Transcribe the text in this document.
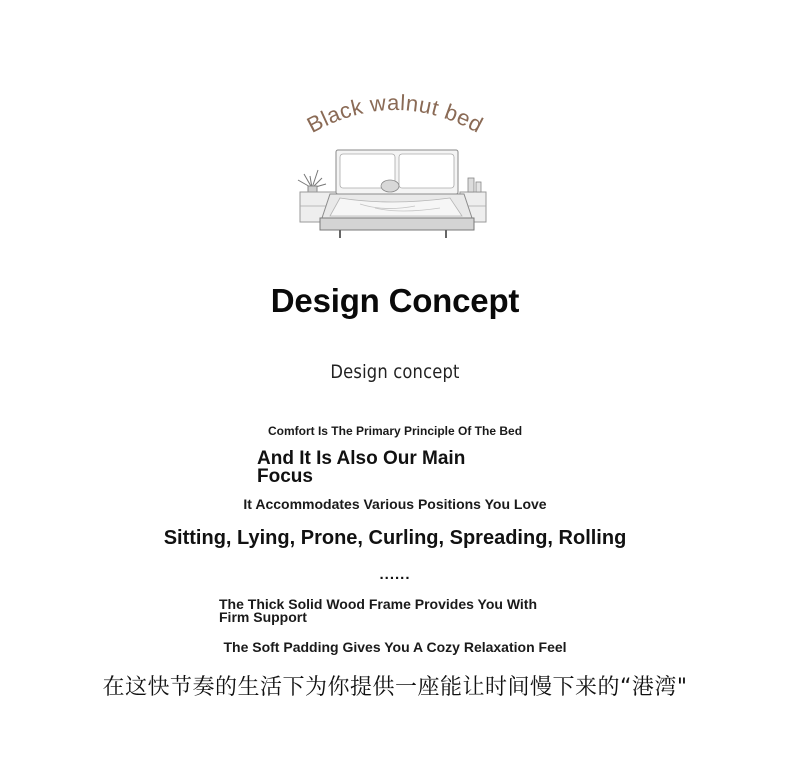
Black walnut bed
Design Concept
Design concept
Comfort Is The Primary Principle Of The Bed
And It Is Also Our Main Focus
It Accommodates Various Positions You Love
Sitting, Lying, Prone, Curling, Spreading, Rolling
......
The Thick Solid Wood Frame Provides You With Firm Support
The Soft Padding Gives You A Cozy Relaxation Feel
在这快节奏的生活下为你提供一座能让时间慢下来的“港湾"
